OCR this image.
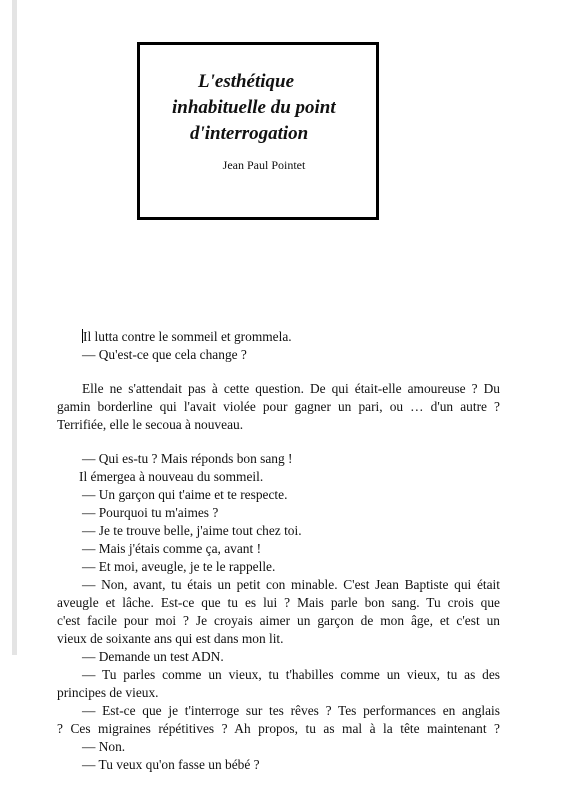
L'esthétique
inhabituelle du point
d'interrogation
Jean Paul Pointet
Il lutta contre le sommeil et grommela.
— Qu'est-ce que cela change ?
Elle ne s'attendait pas à cette question. De qui était-elle amoureuse ? Du
gamin borderline qui l'avait violée pour gagner un pari, ou … d'un autre ?
Terrifiée, elle le secoua à nouveau.
— Qui es-tu ? Mais réponds bon sang !
Il émergea à nouveau du sommeil.
— Un garçon qui t'aime et te respecte.
— Pourquoi tu m'aimes ?
— Je te trouve belle, j'aime tout chez toi.
— Mais j'étais comme ça, avant !
— Et moi, aveugle, je te le rappelle.
— Non, avant, tu étais un petit con minable. C'est Jean Baptiste qui était
aveugle et lâche. Est-ce que tu es lui ? Mais parle bon sang. Tu crois que
c'est facile pour moi ? Je croyais aimer un garçon de mon âge, et c'est un
vieux de soixante ans qui est dans mon lit.
— Demande un test ADN.
— Tu parles comme un vieux, tu t'habilles comme un vieux, tu as des
principes de vieux.
— Est-ce que je t'interroge sur tes rêves ? Tes performances en anglais
? Ces migraines répétitives ? Ah propos, tu as mal à la tête maintenant ?
— Non.
— Tu veux qu'on fasse un bébé ?
